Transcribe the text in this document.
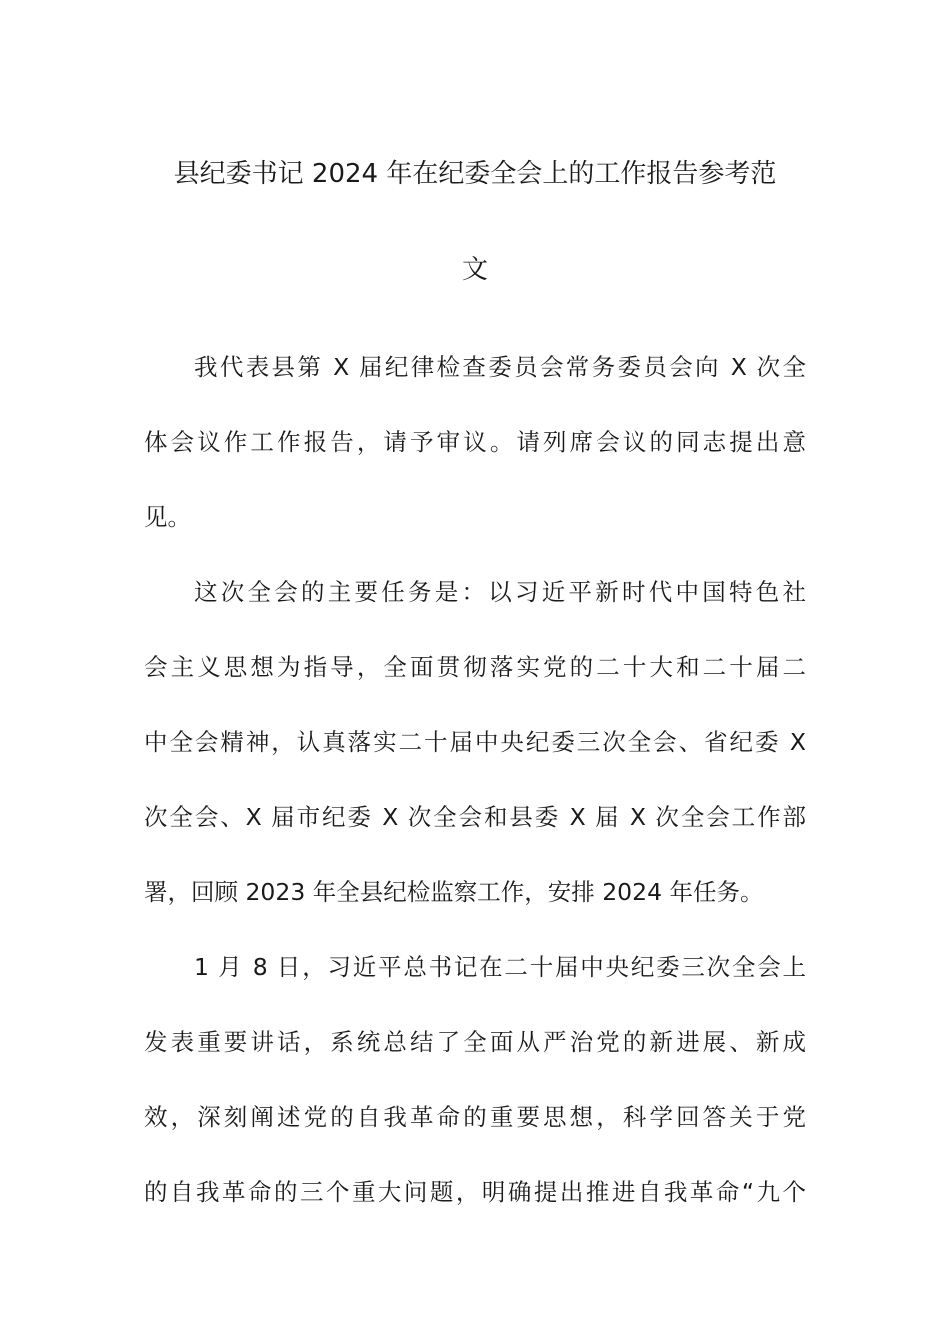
县纪委书记 2024 年在纪委全会上的工作报告参考范
文

我代表县第 X 届纪律检查委员会常务委员会向 X 次全
体会议作工作报告，请予审议。请列席会议的同志提出意
见。

这次全会的主要任务是：以习近平新时代中国特色社
会主义思想为指导，全面贯彻落实党的二十大和二十届二
中全会精神，认真落实二十届中央纪委三次全会、省纪委 X
次全会、X 届市纪委 X 次全会和县委 X 届 X 次全会工作部
署，回顾 2023 年全县纪检监察工作，安排 2024 年任务。

1 月 8 日，习近平总书记在二十届中央纪委三次全会上
发表重要讲话，系统总结了全面从严治党的新进展、新成
效，深刻阐述党的自我革命的重要思想，科学回答关于党
的自我革命的三个重大问题，明确提出推进自我革命“九个
